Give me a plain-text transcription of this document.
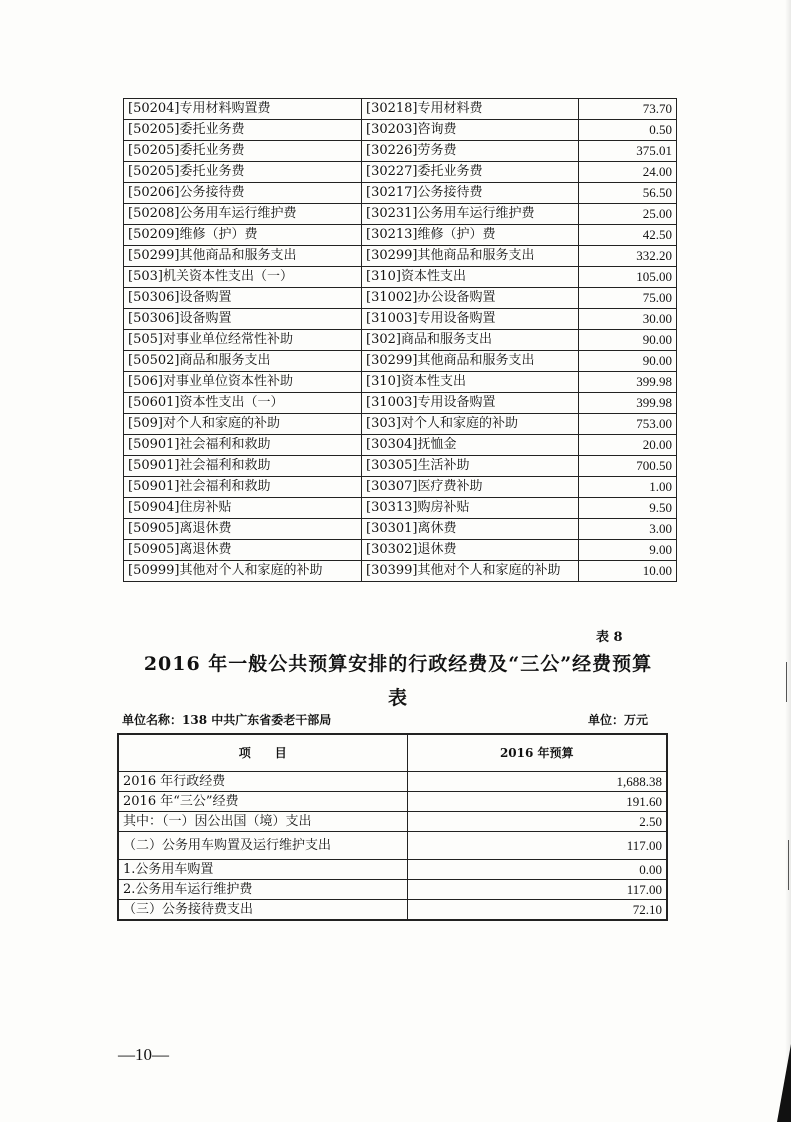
[50204]专用材料购置费	[30218]专用材料费	73.70
[50205]委托业务费	[30203]咨询费	0.50
[50205]委托业务费	[30226]劳务费	375.01
[50205]委托业务费	[30227]委托业务费	24.00
[50206]公务接待费	[30217]公务接待费	56.50
[50208]公务用车运行维护费	[30231]公务用车运行维护费	25.00
[50209]维修（护）费	[30213]维修（护）费	42.50
[50299]其他商品和服务支出	[30299]其他商品和服务支出	332.20
[503]机关资本性支出（一）	[310]资本性支出	105.00
[50306]设备购置	[31002]办公设备购置	75.00
[50306]设备购置	[31003]专用设备购置	30.00
[505]对事业单位经常性补助	[302]商品和服务支出	90.00
[50502]商品和服务支出	[30299]其他商品和服务支出	90.00
[506]对事业单位资本性补助	[310]资本性支出	399.98
[50601]资本性支出（一）	[31003]专用设备购置	399.98
[509]对个人和家庭的补助	[303]对个人和家庭的补助	753.00
[50901]社会福利和救助	[30304]抚恤金	20.00
[50901]社会福利和救助	[30305]生活补助	700.50
[50901]社会福利和救助	[30307]医疗费补助	1.00
[50904]住房补贴	[30313]购房补贴	9.50
[50905]离退休费	[30301]离休费	3.00
[50905]离退休费	[30302]退休费	9.00
[50999]其他对个人和家庭的补助	[30399]其他对个人和家庭的补助	10.00
表 8
2016 年一般公共预算安排的行政经费及“三公”经费预算
表
单位名称：138 中共广东省委老干部局	单位：万元
项　　目	2016 年预算
2016 年行政经费	1,688.38
2016 年“三公”经费	191.60
其中：（一）因公出国（境）支出	2.50
（二）公务用车购置及运行维护支出	117.00
1.公务用车购置	0.00
2.公务用车运行维护费	117.00
（三）公务接待费支出	72.10
—10—
